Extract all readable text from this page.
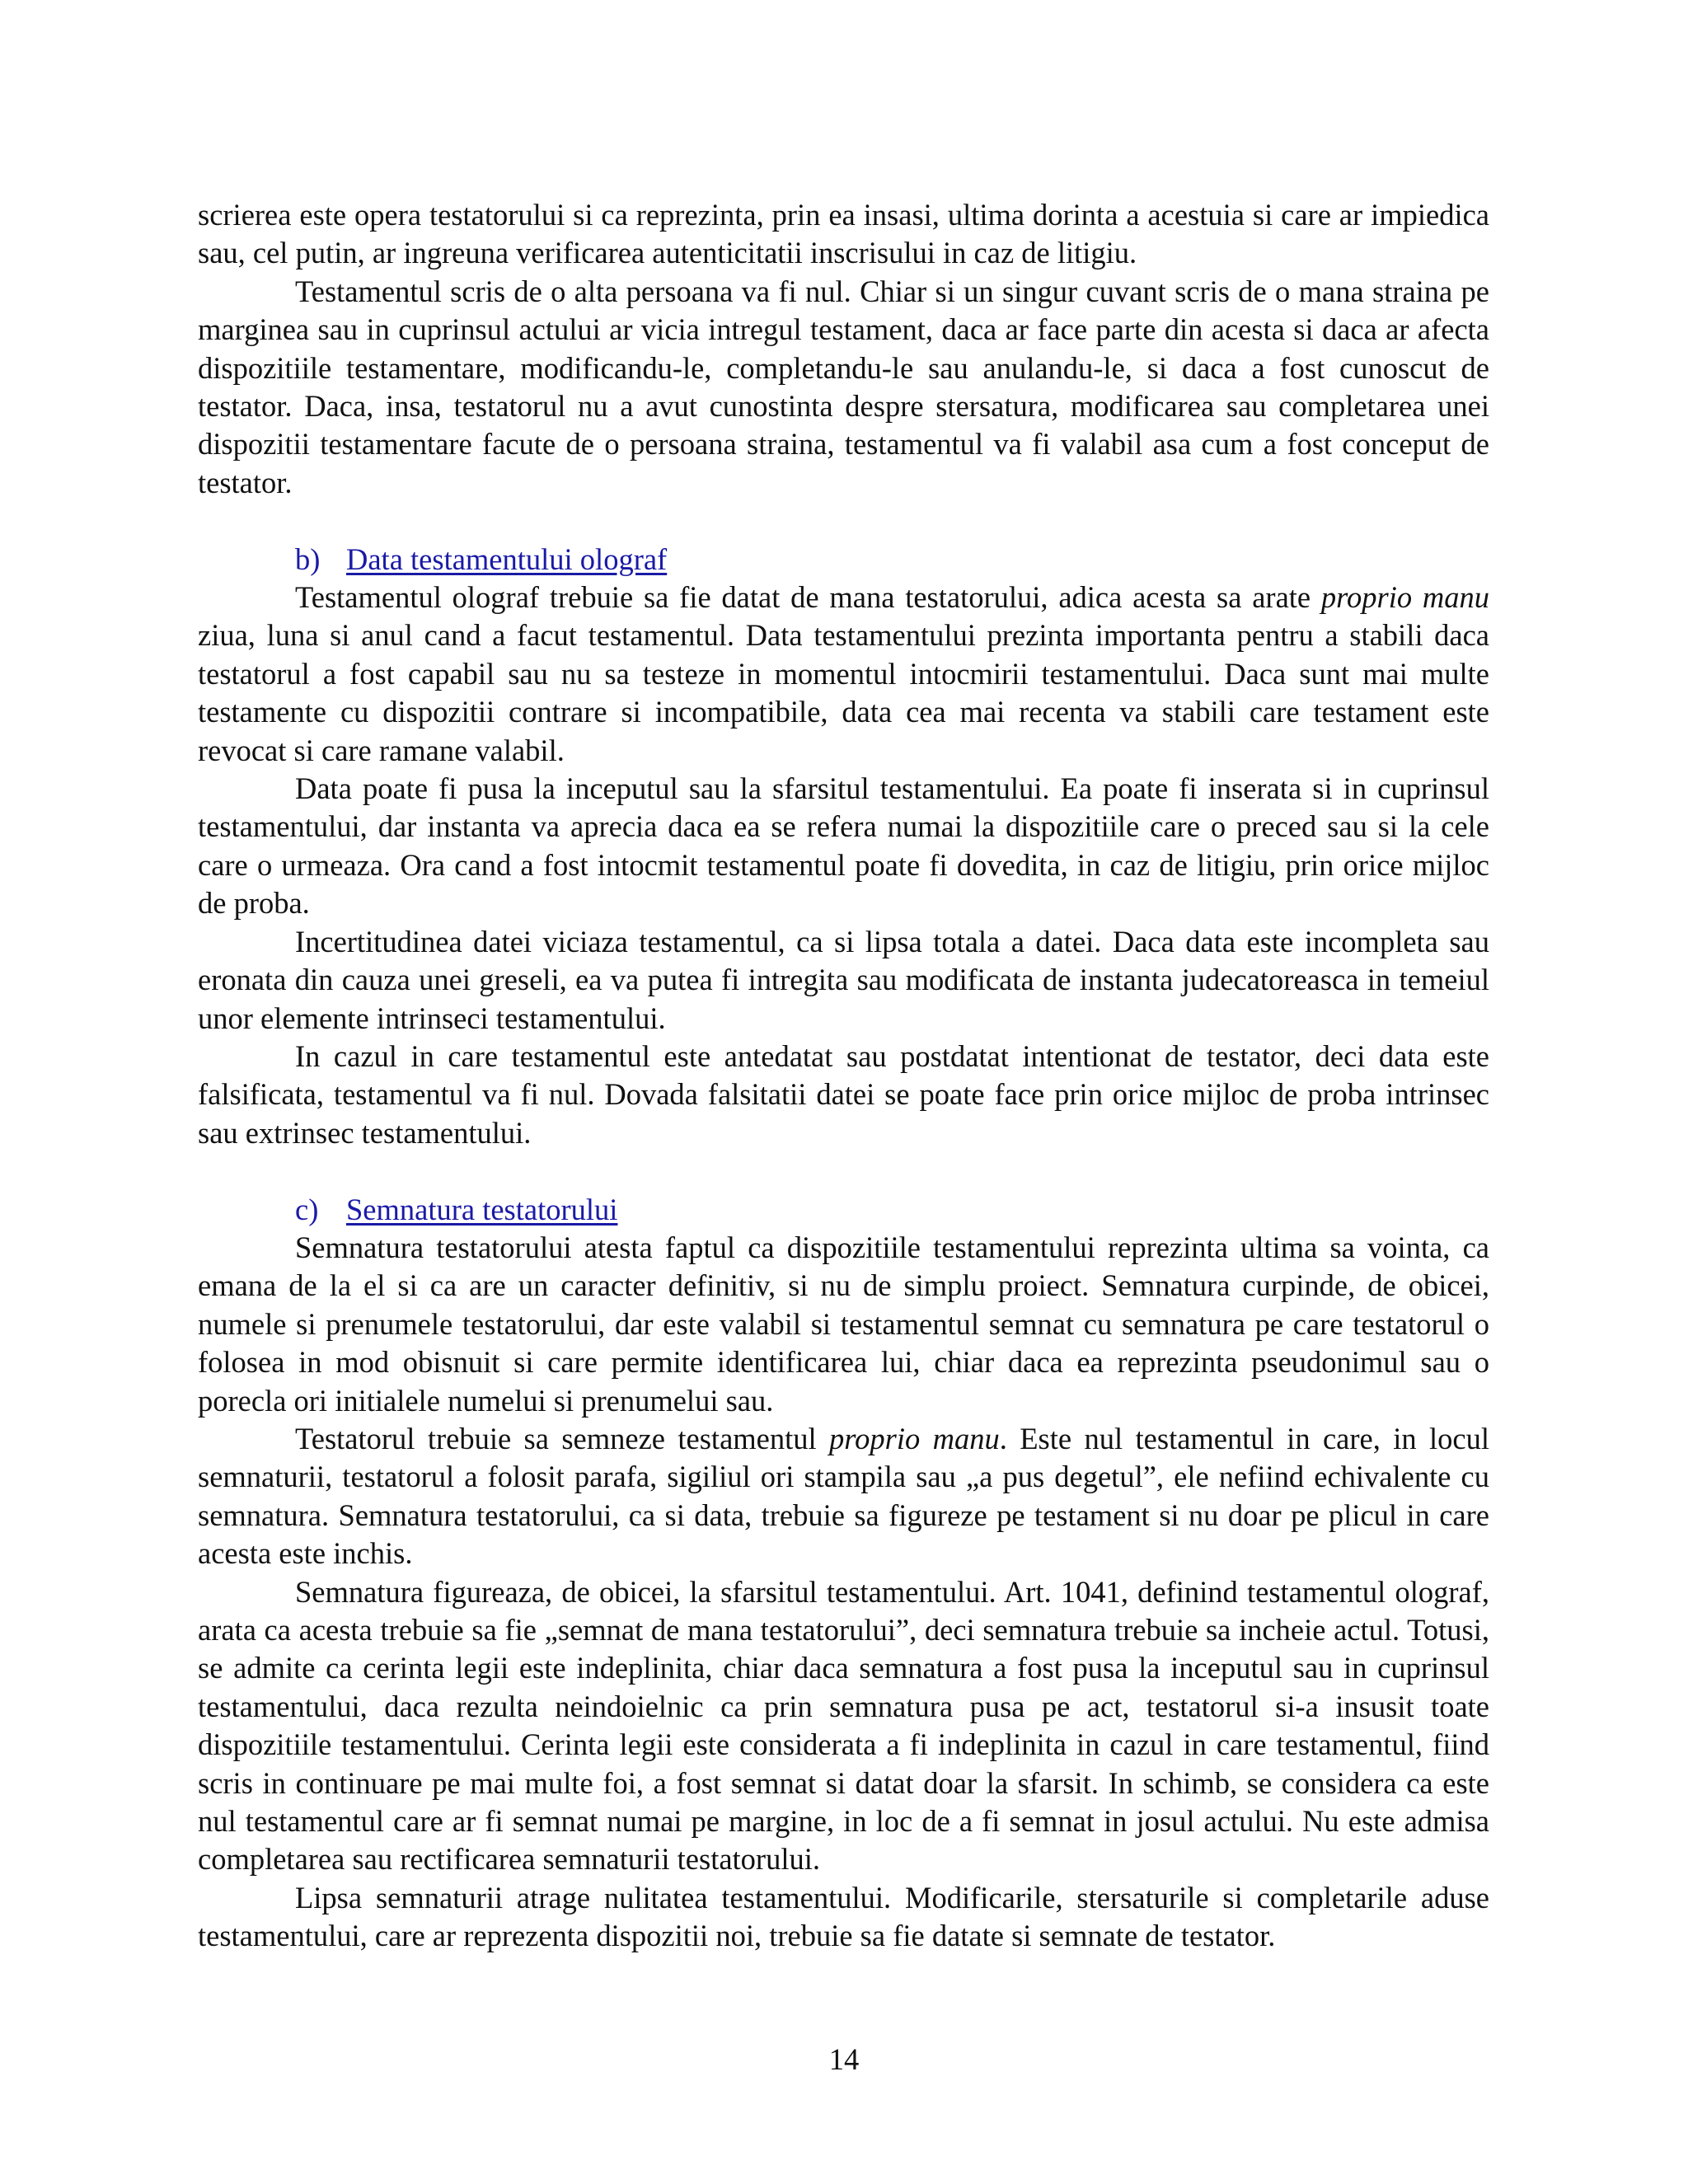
scrierea este opera testatorului si ca reprezinta, prin ea insasi, ultima dorinta a acestuia si care ar impiedica sau, cel putin, ar ingreuna verificarea autenticitatii inscrisului in caz de litigiu.

Testamentul scris de o alta persoana va fi nul. Chiar si un singur cuvant scris de o mana straina pe marginea sau in cuprinsul actului ar vicia intregul testament, daca ar face parte din acesta si daca ar afecta dispozitiile testamentare, modificandu-le, completandu-le sau anulandu-le, si daca a fost cunoscut de testator. Daca, insa, testatorul nu a avut cunostinta despre stersatura, modificarea sau completarea unei dispozitii testamentare facute de o persoana straina, testamentul va fi valabil asa cum a fost conceput de testator.

b) Data testamentului olograf

Testamentul olograf trebuie sa fie datat de mana testatorului, adica acesta sa arate proprio manu ziua, luna si anul cand a facut testamentul. Data testamentului prezinta importanta pentru a stabili daca testatorul a fost capabil sau nu sa testeze in momentul intocmirii testamentului. Daca sunt mai multe testamente cu dispozitii contrare si incompatibile, data cea mai recenta va stabili care testament este revocat si care ramane valabil.

Data poate fi pusa la inceputul sau la sfarsitul testamentului. Ea poate fi inserata si in cuprinsul testamentului, dar instanta va aprecia daca ea se refera numai la dispozitiile care o preced sau si la cele care o urmeaza. Ora cand a fost intocmit testamentul poate fi dovedita, in caz de litigiu, prin orice mijloc de proba.

Incertitudinea datei viciaza testamentul, ca si lipsa totala a datei. Daca data este incompleta sau eronata din cauza unei greseli, ea va putea fi intregita sau modificata de instanta judecatoreasca in temeiul unor elemente intrinseci testamentului.

In cazul in care testamentul este antedatat sau postdatat intentionat de testator, deci data este falsificata, testamentul va fi nul. Dovada falsitatii datei se poate face prin orice mijloc de proba intrinsec sau extrinsec testamentului.

c) Semnatura testatorului

Semnatura testatorului atesta faptul ca dispozitiile testamentului reprezinta ultima sa vointa, ca emana de la el si ca are un caracter definitiv, si nu de simplu proiect. Semnatura curpinde, de obicei, numele si prenumele testatorului, dar este valabil si testamentul semnat cu semnatura pe care testatorul o folosea in mod obisnuit si care permite identificarea lui, chiar daca ea reprezinta pseudonimul sau o porecla ori initialele numelui si prenumelui sau.

Testatorul trebuie sa semneze testamentul proprio manu. Este nul testamentul in care, in locul semnaturii, testatorul a folosit parafa, sigiliul ori stampila sau „a pus degetul”, ele nefiind echivalente cu semnatura. Semnatura testatorului, ca si data, trebuie sa figureze pe testament si nu doar pe plicul in care acesta este inchis.

Semnatura figureaza, de obicei, la sfarsitul testamentului. Art. 1041, definind testamentul olograf, arata ca acesta trebuie sa fie „semnat de mana testatorului”, deci semnatura trebuie sa incheie actul. Totusi, se admite ca cerinta legii este indeplinita, chiar daca semnatura a fost pusa la inceputul sau in cuprinsul testamentului, daca rezulta neindoielnic ca prin semnatura pusa pe act, testatorul si-a insusit toate dispozitiile testamentului. Cerinta legii este considerata a fi indeplinita in cazul in care testamentul, fiind scris in continuare pe mai multe foi, a fost semnat si datat doar la sfarsit. In schimb, se considera ca este nul testamentul care ar fi semnat numai pe margine, in loc de a fi semnat in josul actului. Nu este admisa completarea sau rectificarea semnaturii testatorului.

Lipsa semnaturii atrage nulitatea testamentului. Modificarile, stersaturile si completarile aduse testamentului, care ar reprezenta dispozitii noi, trebuie sa fie datate si semnate de testator.

14
